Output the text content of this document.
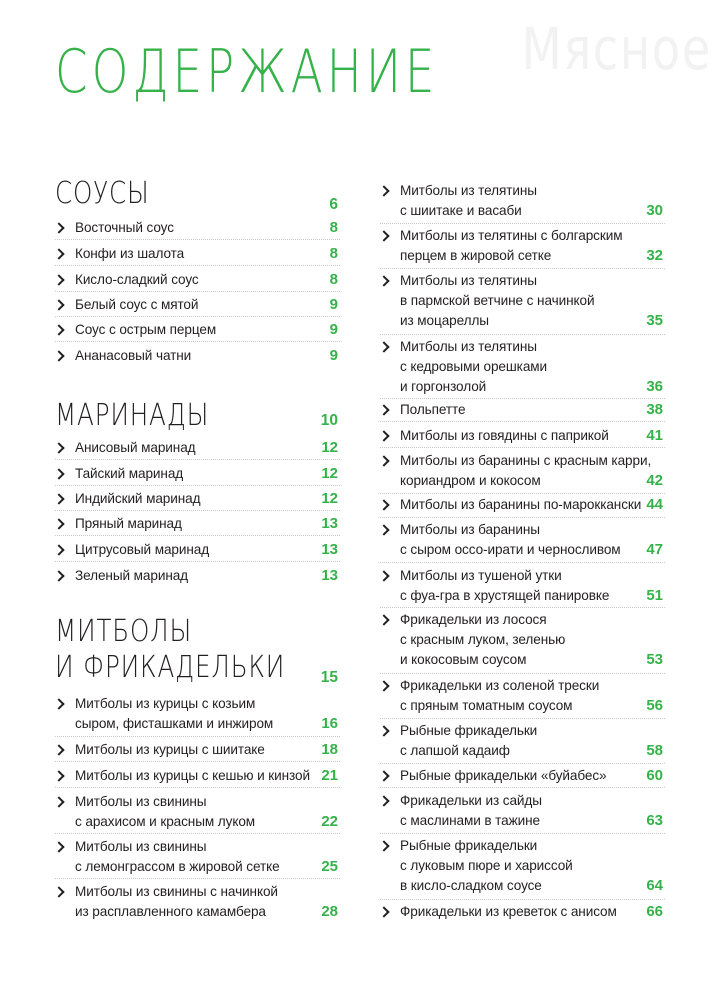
Мясное
СОДЕРЖАНИЕ
СОУСЫ	6
Восточный соус	8
Конфи из шалота	8
Кисло-сладкий соус	8
Белый соус с мятой	9
Соус с острым перцем	9
Ананасовый чатни	9
МАРИНАДЫ	10
Анисовый маринад	12
Тайский маринад	12
Индийский маринад	12
Пряный маринад	13
Цитрусовый маринад	13
Зеленый маринад	13
МИТБОЛЫ
И ФРИКАДЕЛЬКИ 15
Митболы из курицы с козьим
сыром, фисташками и инжиром	16
Митболы из курицы с шиитаке	18
Митболы из курицы с кешью и кинзой 21
Митболы из свинины
с арахисом и красным луком	22
Митболы из свинины
с лемонграссом в жировой сетке	25
Митболы из свинины с начинкой
из расплавленного камамбера	28
Митболы из телятины
с шиитаке и васаби	30
Митболы из телятины с болгарским
перцем в жировой сетке	32
Митболы из телятины
в пармской ветчине с начинкой
из моцареллы	35
Митболы из телятины
с кедровыми орешками
и горгонзолой	36
Польпетте	38
Митболы из говядины с паприкой	41
Митболы из баранины с красным карри,
кориандром и кокосом	42
Митболы из баранины по-марокканcки 44
Митболы из баранины
с сыром оссо-ирати и черносливом	47
Митболы из тушеной утки
с фуа-гра в хрустящей панировке	51
Фрикадельки из лосося
с красным луком, зеленью
и кокосовым соусом	53
Фрикадельки из соленой трески
с пряным томатным соусом	56
Рыбные фрикадельки
с лапшой кадаиф	58
Рыбные фрикадельки «буйабес»	60
Фрикадельки из сайды
с маслинами в тажине	63
Рыбные фрикадельки
с луковым пюре и хариссой
в кисло-сладком соусе	64
Фрикадельки из креветок с анисом	66
